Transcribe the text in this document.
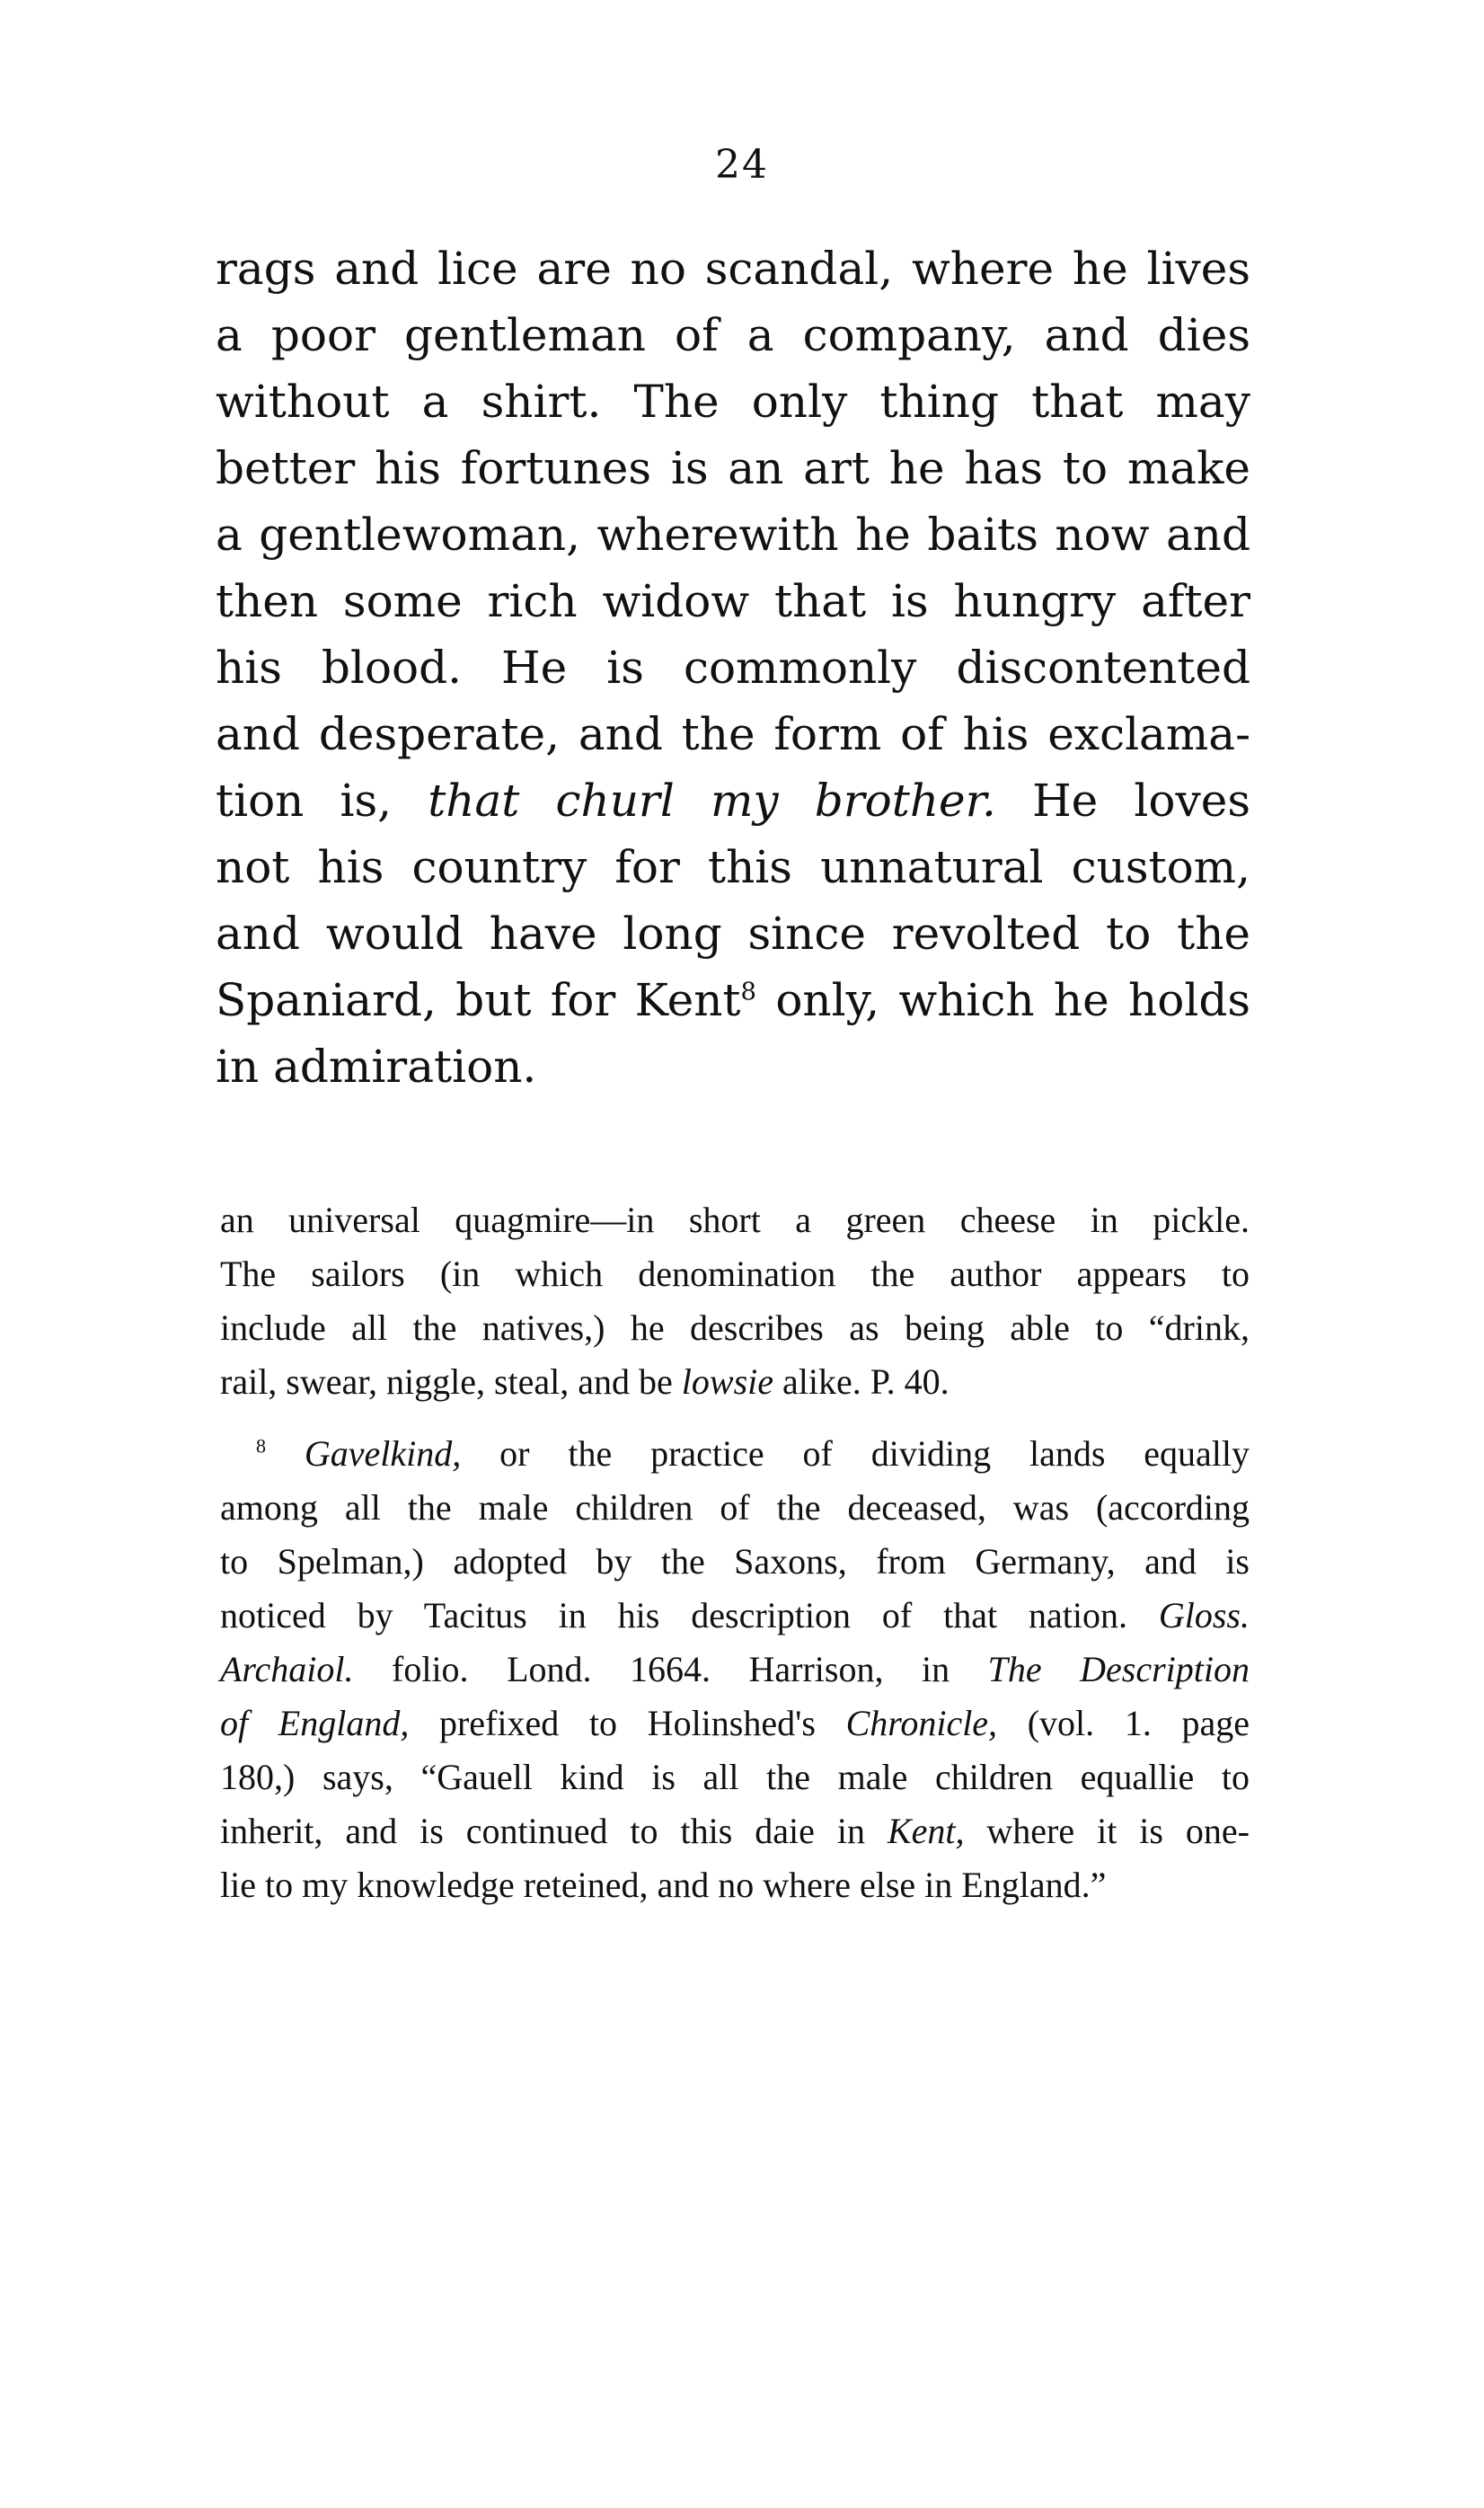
24
rags and lice are no scandal, where he lives
a poor gentleman of a company, and dies
without a shirt. The only thing that may
better his fortunes is an art he has to make
a gentlewoman, wherewith he baits now and
then some rich widow that is hungry after
his blood. He is commonly discontented
and desperate, and the form of his exclama-
tion is, that churl my brother. He loves
not his country for this unnatural custom,
and would have long since revolted to the
Spaniard, but for Kent$^8$ only, which he holds
in admiration.
an universal quagmire—in short a green cheese in pickle.
The sailors (in which denomination the author appears to
include all the natives,) he describes as being able to “drink,
rail, swear, niggle, steal, and be lowsie alike. P. 40.
$^8$ Gavelkind, or the practice of dividing lands equally
among all the male children of the deceased, was (according
to Spelman,) adopted by the Saxons, from Germany, and is
noticed by Tacitus in his description of that nation. Gloss.
Archaiol. folio. Lond. 1664. Harrison, in The Description
of England, prefixed to Holinshed's Chronicle, (vol. 1. page
180,) says, “Gauell kind is all the male children equallie to
inherit, and is continued to this daie in Kent, where it is one-
lie to my knowledge reteined, and no where else in England.”
